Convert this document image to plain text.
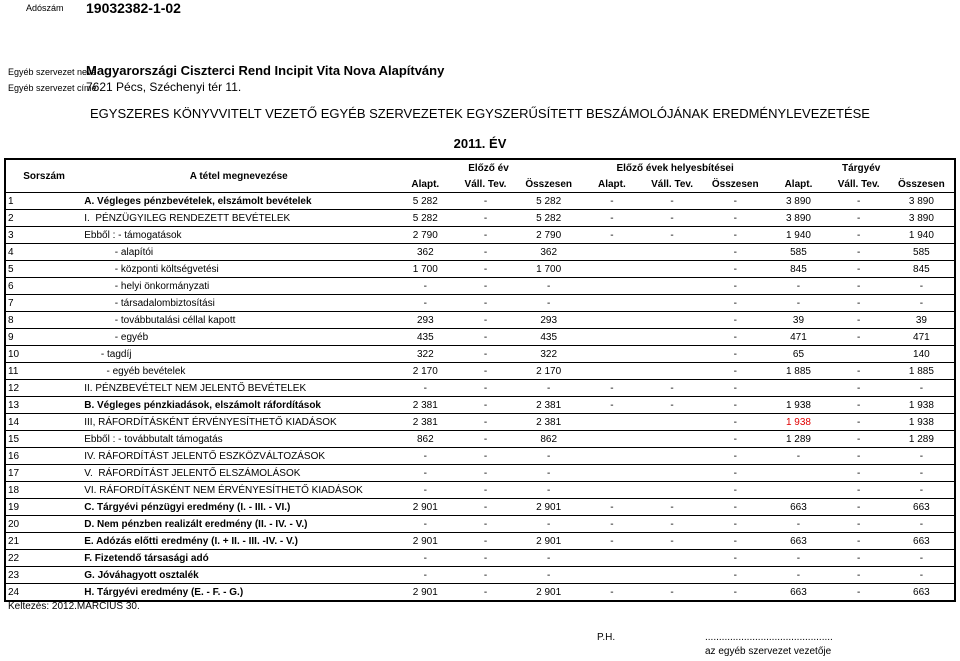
Adószám 19032382-1-02
Egyéb szervezet neve
Magyarországi Ciszterci Rend Incipit Vita Nova Alapítvány
Egyéb szervezet címe
7621 Pécs, Széchenyi tér 11.
EGYSZERES KÖNYVVITELT VEZETŐ EGYÉB SZERVEZETEK EGYSZERŰSÍTETT BESZÁMOLÓJÁNAK EREDMÉNYLEVEZETÉSE
2011. ÉV
Sorszám	A tétel megnevezése	Előző év			Előző évek helyesbítései			Tárgyév		
		Alapt.	Váll. Tev.	Összesen	Alapt.	Váll. Tev.	Összesen	Alapt.	Váll. Tev.	Összesen
1	A. Végleges pénzbevételek, elszámolt bevételek	5 282	-	5 282	-	-	-	3 890	-	3 890
2	I.  PÉNZÜGYILEG RENDEZETT BEVÉTELEK	5 282	-	5 282	-	-	-	3 890	-	3 890
3	Ebből : - támogatások	2 790	-	2 790	-	-	-	1 940	-	1 940
4	- alapítói	362	-	362			-	585	-	585
5	- központi költségvetési	1 700	-	1 700			-	845	-	845
6	- helyi önkormányzati	-	-	-			-	-	-	-
7	- társadalombiztosítási	-	-	-			-	-	-	-
8	- továbbutalási céllal kapott	293	-	293			-	39	-	39
9	- egyéb	435	-	435			-	471	-	471
10	- tagdíj	322	-	322			-	65		140
11	- egyéb bevételek	2 170	-	2 170			-	1 885	-	1 885
12	II. PÉNZBEVÉTELT NEM JELENTŐ BEVÉTELEK	-	-	-	-	-	-		-	-
13	B. Végleges pénzkiadások, elszámolt ráfordítások	2 381	-	2 381	-	-	-	1 938	-	1 938
14	III, RÁFORDÍTÁSKÉNT ÉRVÉNYESÍTHETŐ KIADÁSOK	2 381	-	2 381			-	1 938	-	1 938
15	Ebből : - továbbutalt támogatás	862	-	862			-	1 289	-	1 289
16	IV. RÁFORDÍTÁST JELENTŐ ESZKÖZVÁLTOZÁSOK	-	-	-			-	-	-	-
17	V.  RÁFORDÍTÁST JELENTŐ ELSZÁMOLÁSOK	-	-	-			-		-	-
18	VI. RÁFORDÍTÁSKÉNT NEM ÉRVÉNYESÍTHETŐ KIADÁSOK	-	-	-			-		-	-
19	C. Tárgyévi pénzügyi eredmény (I. - III. - VI.)	2 901	-	2 901	-	-	-	663	-	663
20	D. Nem pénzben realizált eredmény (II. - IV. - V.)	-	-	-	-	-	-	-	-	-
21	E. Adózás előtti eredmény (I. + II. - III. -IV. - V.)	2 901	-	2 901	-	-	-	663	-	663
22	F. Fizetendő társasági adó	-	-	-			-	-	-	-
23	G. Jóváhagyott osztalék	-	-	-			-	-	-	-
24	H. Tárgyévi eredmény (E. - F. - G.)	2 901	-	2 901	-	-	-	663	-	663
Keltezés: 2012.MÁRCIUS 30.
P.H.	..............................................
az egyéb szervezet vezetője
